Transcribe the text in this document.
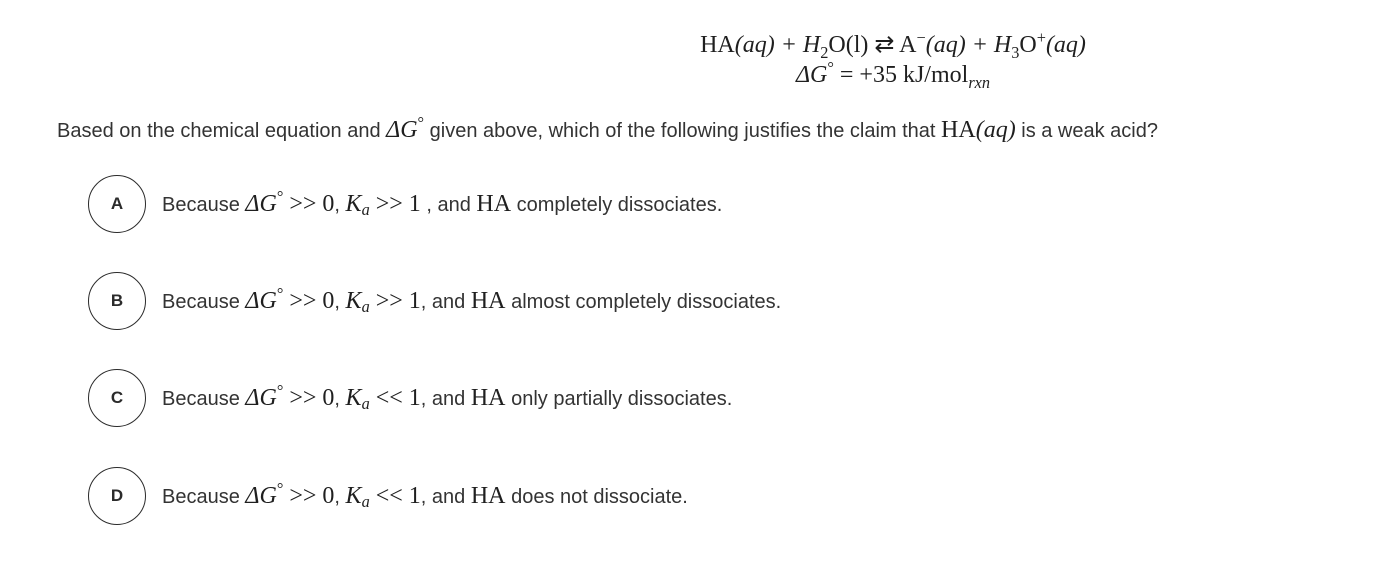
$HA(aq) + H_2O(l)$ ⇄ $A^-(aq) + H_3O^+(aq)$
ΔG° = +35 kJ/mol$_{rxn}$
Based on the chemical equation and ΔG° given above, which of the following justifies the claim that HA(aq) is a weak acid?
A	Because ΔG° >> 0, $K_a >> 1$ , and HA completely dissociates.
B	Because ΔG° >> 0, $K_a >> 1$, and HA almost completely dissociates.
C	Because ΔG° >> 0, $K_a << 1$, and HA only partially dissociates.
D	Because ΔG° >> 0, $K_a << 1$, and HA does not dissociate.
